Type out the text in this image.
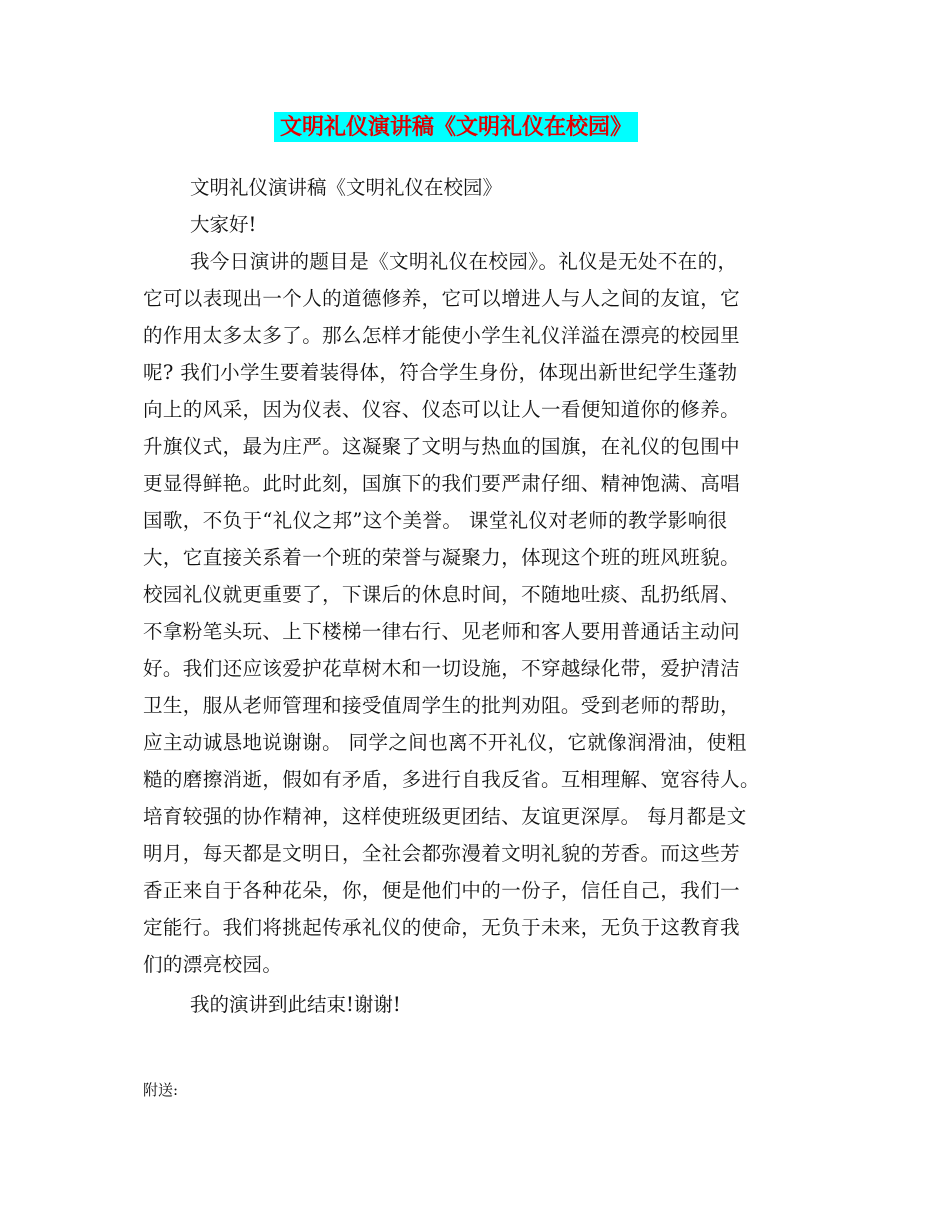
文明礼仪演讲稿《文明礼仪在校园》
文明礼仪演讲稿《文明礼仪在校园》
大家好!
我今日演讲的题目是《文明礼仪在校园》。礼仪是无处不在的，
它可以表现出一个人的道德修养，它可以增进人与人之间的友谊，它
的作用太多太多了。那么怎样才能使小学生礼仪洋溢在漂亮的校园里
呢? 我们小学生要着装得体，符合学生身份，体现出新世纪学生蓬勃
向上的风采，因为仪表、仪容、仪态可以让人一看便知道你的修养。
升旗仪式，最为庄严。这凝聚了文明与热血的国旗，在礼仪的包围中
更显得鲜艳。此时此刻，国旗下的我们要严肃仔细、精神饱满、高唱
国歌，不负于“礼仪之邦”这个美誉。 课堂礼仪对老师的教学影响很
大，它直接关系着一个班的荣誉与凝聚力，体现这个班的班风班貌。
校园礼仪就更重要了，下课后的休息时间，不随地吐痰、乱扔纸屑、
不拿粉笔头玩、上下楼梯一律右行、见老师和客人要用普通话主动问
好。我们还应该爱护花草树木和一切设施，不穿越绿化带，爱护清洁
卫生，服从老师管理和接受值周学生的批判劝阻。受到老师的帮助，
应主动诚恳地说谢谢。 同学之间也离不开礼仪，它就像润滑油，使粗
糙的磨擦消逝，假如有矛盾，多进行自我反省。互相理解、宽容待人。
培育较强的协作精神，这样使班级更团结、友谊更深厚。 每月都是文
明月，每天都是文明日，全社会都弥漫着文明礼貌的芳香。而这些芳
香正来自于各种花朵，你，便是他们中的一份子，信任自己，我们一
定能行。我们将挑起传承礼仪的使命，无负于未来，无负于这教育我
们的漂亮校园。
我的演讲到此结束!谢谢!
附送:
